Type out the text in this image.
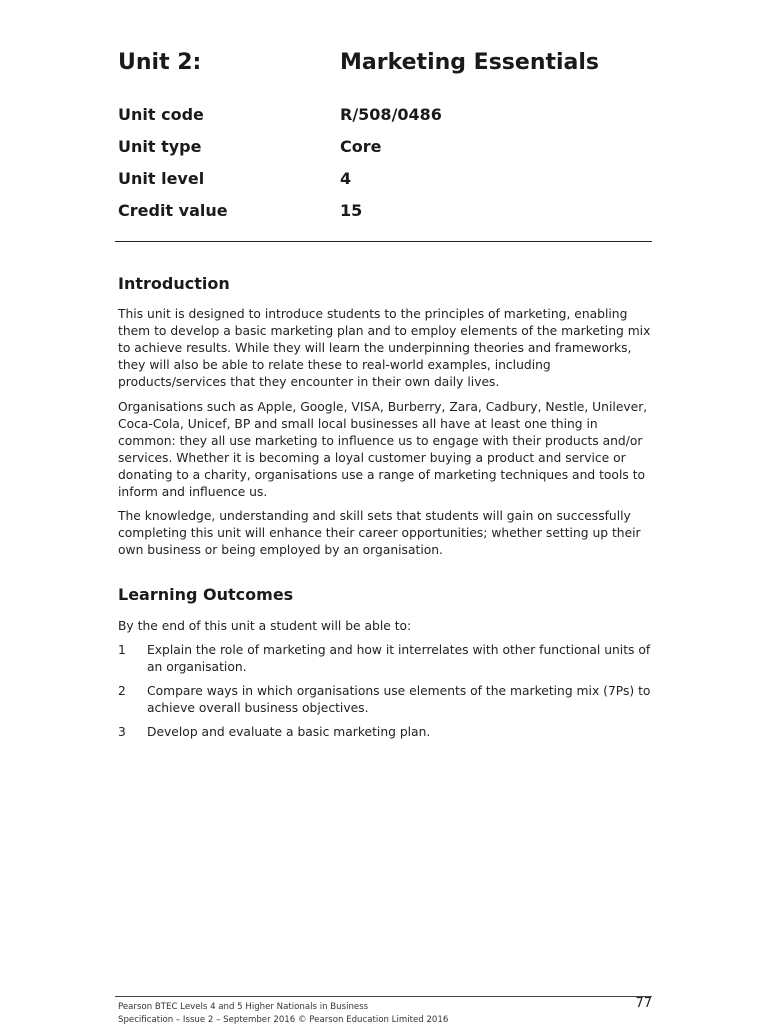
Unit 2:	Marketing Essentials
Unit code	R/508/0486
Unit type	Core
Unit level	4
Credit value	15
Introduction

This unit is designed to introduce students to the principles of marketing, enabling them to develop a basic marketing plan and to employ elements of the marketing mix to achieve results. While they will learn the underpinning theories and frameworks, they will also be able to relate these to real-world examples, including products/services that they encounter in their own daily lives.

Organisations such as Apple, Google, VISA, Burberry, Zara, Cadbury, Nestle, Unilever, Coca-Cola, Unicef, BP and small local businesses all have at least one thing in common: they all use marketing to influence us to engage with their products and/or services. Whether it is becoming a loyal customer buying a product and service or donating to a charity, organisations use a range of marketing techniques and tools to inform and influence us.

The knowledge, understanding and skill sets that students will gain on successfully completing this unit will enhance their career opportunities; whether setting up their own business or being employed by an organisation.

Learning Outcomes

By the end of this unit a student will be able to:

1 Explain the role of marketing and how it interrelates with other functional units of an organisation.
2 Compare ways in which organisations use elements of the marketing mix (7Ps) to achieve overall business objectives.
3 Develop and evaluate a basic marketing plan.
Pearson BTEC Levels 4 and 5 Higher Nationals in Business
Specification – Issue 2 – September 2016 © Pearson Education Limited 2016
77
